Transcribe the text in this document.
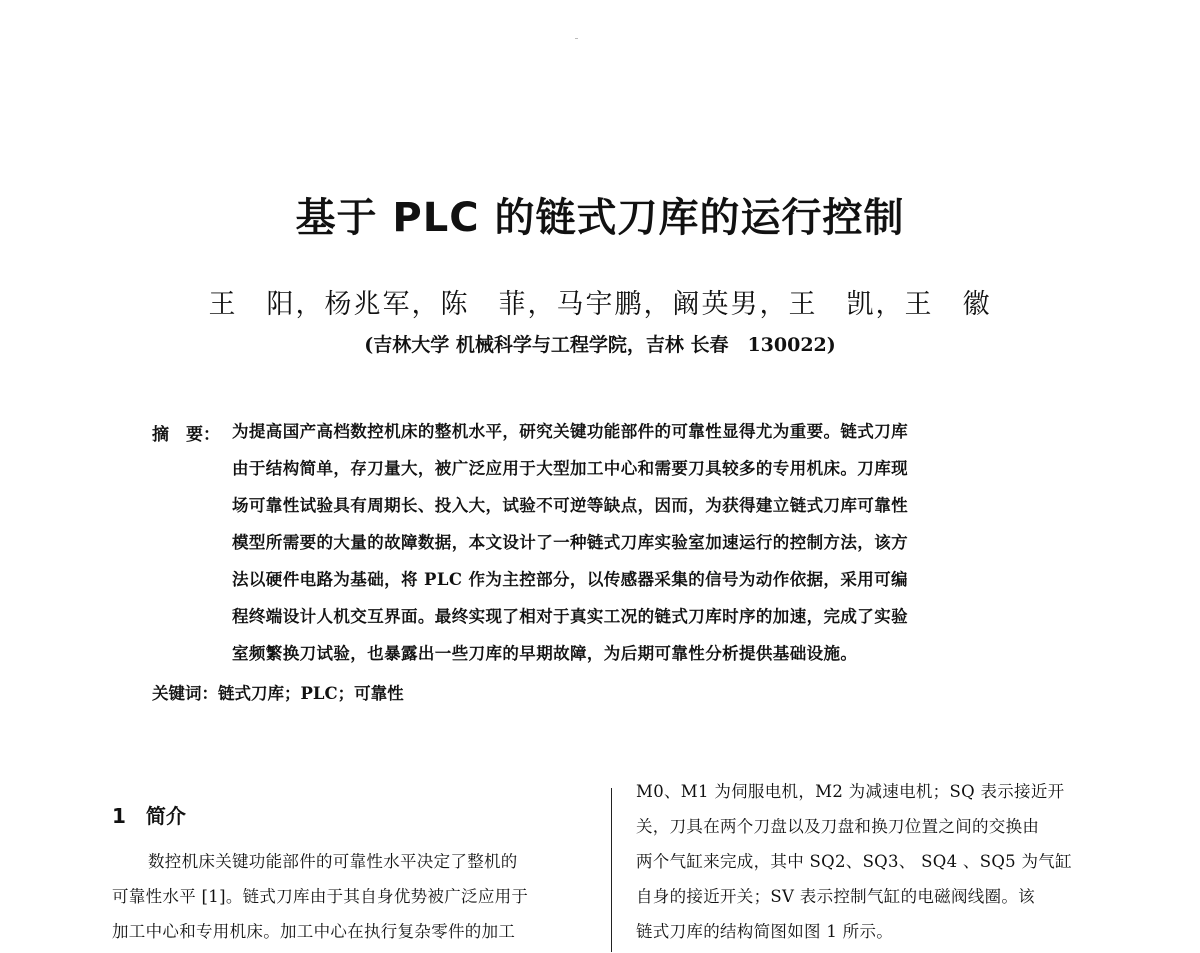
基于 PLC 的链式刀库的运行控制
王　阳，杨兆军，陈　菲，马宇鹏，阚英男，王　凯，王　徽
(吉林大学 机械科学与工程学院，吉林 长春　130022)
摘　要： 为提高国产高档数控机床的整机水平，研究关键功能部件的可靠性显得尤为重要。链式刀库
由于结构简单，存刀量大，被广泛应用于大型加工中心和需要刀具较多的专用机床。刀库现
场可靠性试验具有周期长、投入大，试验不可逆等缺点，因而，为获得建立链式刀库可靠性
模型所需要的大量的故障数据，本文设计了一种链式刀库实验室加速运行的控制方法，该方
法以硬件电路为基础，将 PLC 作为主控部分，以传感器采集的信号为动作依据，采用可编
程终端设计人机交互界面。最终实现了相对于真实工况的链式刀库时序的加速，完成了实验
室频繁换刀试验，也暴露出一些刀库的早期故障，为后期可靠性分析提供基础设施。
关键词：链式刀库；PLC；可靠性
1　简介
数控机床关键功能部件的可靠性水平决定了整机的
可靠性水平 [1]。链式刀库由于其自身优势被广泛应用于
加工中心和专用机床。加工中心在执行复杂零件的加工
M0、M1 为伺服电机，M2 为减速电机；SQ 表示接近开
关，刀具在两个刀盘以及刀盘和换刀位置之间的交换由
两个气缸来完成，其中 SQ2、SQ3、 SQ4 、SQ5 为气缸
自身的接近开关；SV 表示控制气缸的电磁阀线圈。该
链式刀库的结构简图如图 1 所示。
